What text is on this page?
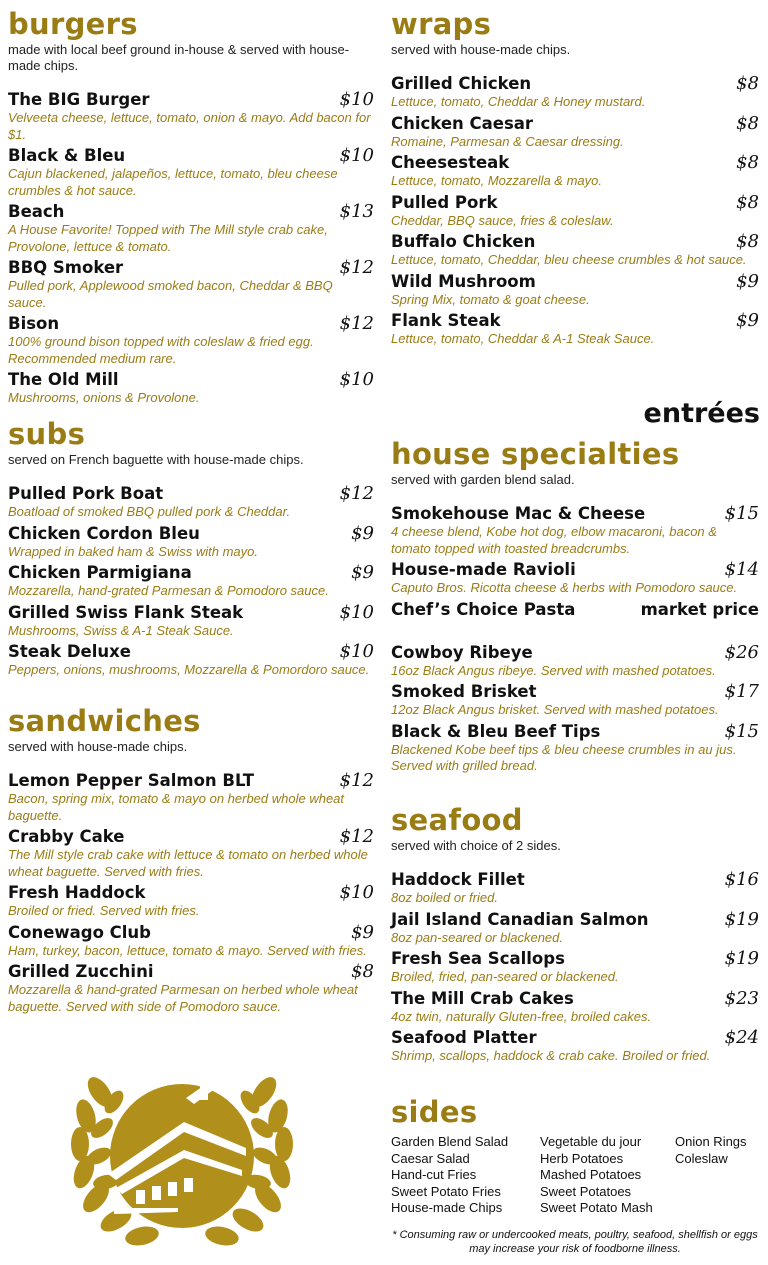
burgers
made with local beef ground in-house & served with house-made chips.
The BIG Burger	$10
Velveeta cheese, lettuce, tomato, onion & mayo. Add bacon for $1.
Black & Bleu	$10
Cajun blackened, jalapeños, lettuce, tomato, bleu cheese crumbles & hot sauce.
Beach	$13
A House Favorite! Topped with The Mill style crab cake, Provolone, lettuce & tomato.
BBQ Smoker	$12
Pulled pork, Applewood smoked bacon, Cheddar & BBQ sauce.
Bison	$12
100% ground bison topped with coleslaw & fried egg. Recommended medium rare.
The Old Mill	$10
Mushrooms, onions & Provolone.
subs
served on French baguette with house-made chips.
Pulled Pork Boat	$12
Boatload of smoked BBQ pulled pork & Cheddar.
Chicken Cordon Bleu	$9
Wrapped in baked ham & Swiss with mayo.
Chicken Parmigiana	$9
Mozzarella, hand-grated Parmesan & Pomodoro sauce.
Grilled Swiss Flank Steak	$10
Mushrooms, Swiss & A-1 Steak Sauce.
Steak Deluxe	$10
Peppers, onions, mushrooms, Mozzarella & Pomordoro sauce.
sandwiches
served with house-made chips.
Lemon Pepper Salmon BLT	$12
Bacon, spring mix, tomato & mayo on herbed whole wheat baguette.
Crabby Cake	$12
The Mill style crab cake with lettuce & tomato on herbed whole wheat baguette. Served with fries.
Fresh Haddock	$10
Broiled or fried. Served with fries.
Conewago Club	$9
Ham, turkey, bacon, lettuce, tomato & mayo. Served with fries.
Grilled Zucchini	$8
Mozzarella & hand-grated Parmesan on herbed whole wheat baguette. Served with side of Pomodoro sauce.
wraps
served with house-made chips.
Grilled Chicken	$8
Lettuce, tomato, Cheddar & Honey mustard.
Chicken Caesar	$8
Romaine, Parmesan & Caesar dressing.
Cheesesteak	$8
Lettuce, tomato, Mozzarella & mayo.
Pulled Pork	$8
Cheddar, BBQ sauce, fries & coleslaw.
Buffalo Chicken	$8
Lettuce, tomato, Cheddar, bleu cheese crumbles & hot sauce.
Wild Mushroom	$9
Spring Mix, tomato & goat cheese.
Flank Steak	$9
Lettuce, tomato, Cheddar & A-1 Steak Sauce.
house specialties
served with garden blend salad.
Smokehouse Mac & Cheese	$15
4 cheese blend, Kobe hot dog, elbow macaroni, bacon & tomato topped with toasted breadcrumbs.
House-made Ravioli	$14
Caputo Bros. Ricotta cheese & herbs with Pomodoro sauce.
Chef’s Choice Pasta	market price
Cowboy Ribeye	$26
16oz Black Angus ribeye. Served with mashed potatoes.
Smoked Brisket	$17
12oz Black Angus brisket. Served with mashed potatoes.
Black & Bleu Beef Tips	$15
Blackened Kobe beef tips & bleu cheese crumbles in au jus. Served with grilled bread.
seafood
served with choice of 2 sides.
Haddock Fillet	$16
8oz boiled or fried.
Jail Island Canadian Salmon	$19
8oz pan-seared or blackened.
Fresh Sea Scallops	$19
Broiled, fried, pan-seared or blackened.
The Mill Crab Cakes	$23
4oz twin, naturally Gluten-free, broiled cakes.
Seafood Platter	$24
Shrimp, scallops, haddock & crab cake. Broiled or fried.
sides
Garden Blend Salad
Caesar Salad
Hand-cut Fries
Sweet Potato Fries
House-made Chips
Vegetable du jour
Herb Potatoes
Mashed Potatoes
Sweet Potatoes
Sweet Potato Mash
Onion Rings
Coleslaw
* Consuming raw or undercooked meats, poultry, seafood, shellfish or eggs may increase your risk of foodborne illness.
entrées
